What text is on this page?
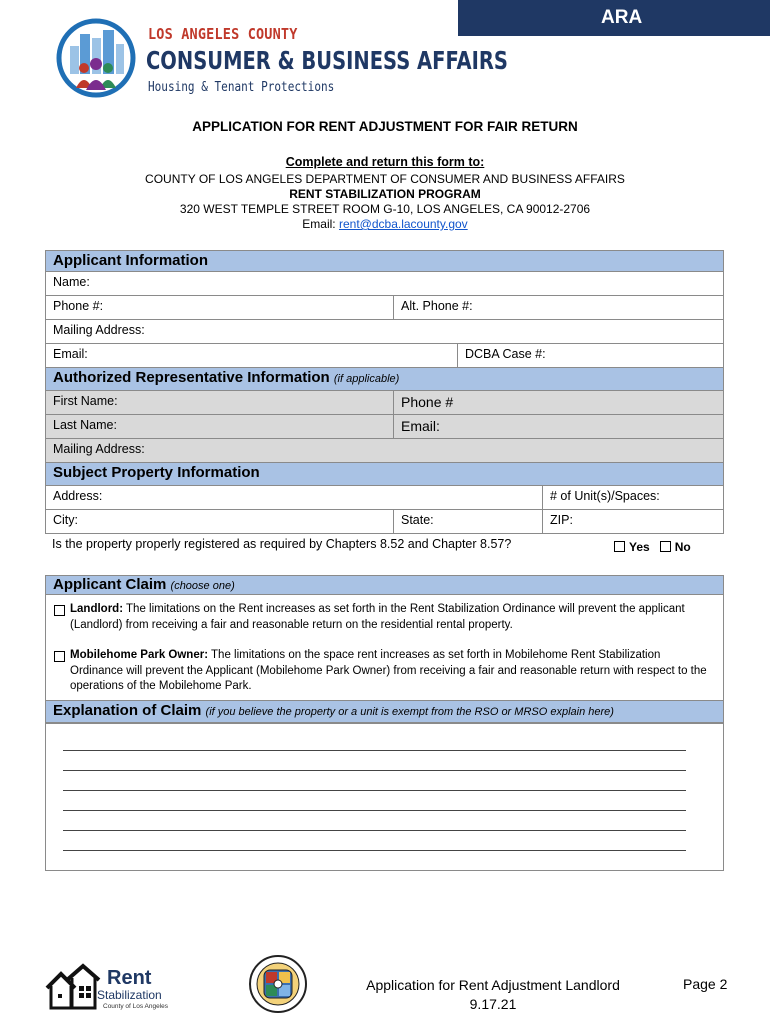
ARA
LOS ANGELES COUNTY
CONSUMER & BUSINESS AFFAIRS
Housing & Tenant Protections
APPLICATION FOR RENT ADJUSTMENT FOR FAIR RETURN
Complete and return this form to:
COUNTY OF LOS ANGELES DEPARTMENT OF CONSUMER AND BUSINESS AFFAIRS
RENT STABILIZATION PROGRAM
320 WEST TEMPLE STREET ROOM G-10, LOS ANGELES, CA 90012-2706
Email: rent@dcba.lacounty.gov
Applicant Information
Name:
Phone #:	Alt. Phone #:
Mailing Address:
Email:	DCBA Case #:
Authorized Representative Information (if applicable)
First Name:	Phone #
Last Name:	Email:
Mailing Address:
Subject Property Information
Address:	# of Unit(s)/Spaces:
City:	State:	ZIP:
Is the property properly registered as required by Chapters 8.52 and Chapter 8.57?	Yes No
Applicant Claim (choose one)
Landlord: The limitations on the Rent increases as set forth in the Rent Stabilization Ordinance will prevent the applicant (Landlord) from receiving a fair and reasonable return on the residential rental property.
Mobilehome Park Owner: The limitations on the space rent increases as set forth in Mobilehome Rent Stabilization Ordinance will prevent the Applicant (Mobilehome Park Owner) from receiving a fair and reasonable return with respect to the operations of the Mobilehome Park.
Explanation of Claim (if you believe the property or a unit is exempt from the RSO or MRSO explain here)
Rent
Stabilization
County of Los Angeles
Application for Rent Adjustment Landlord
9.17.21
Page 2
